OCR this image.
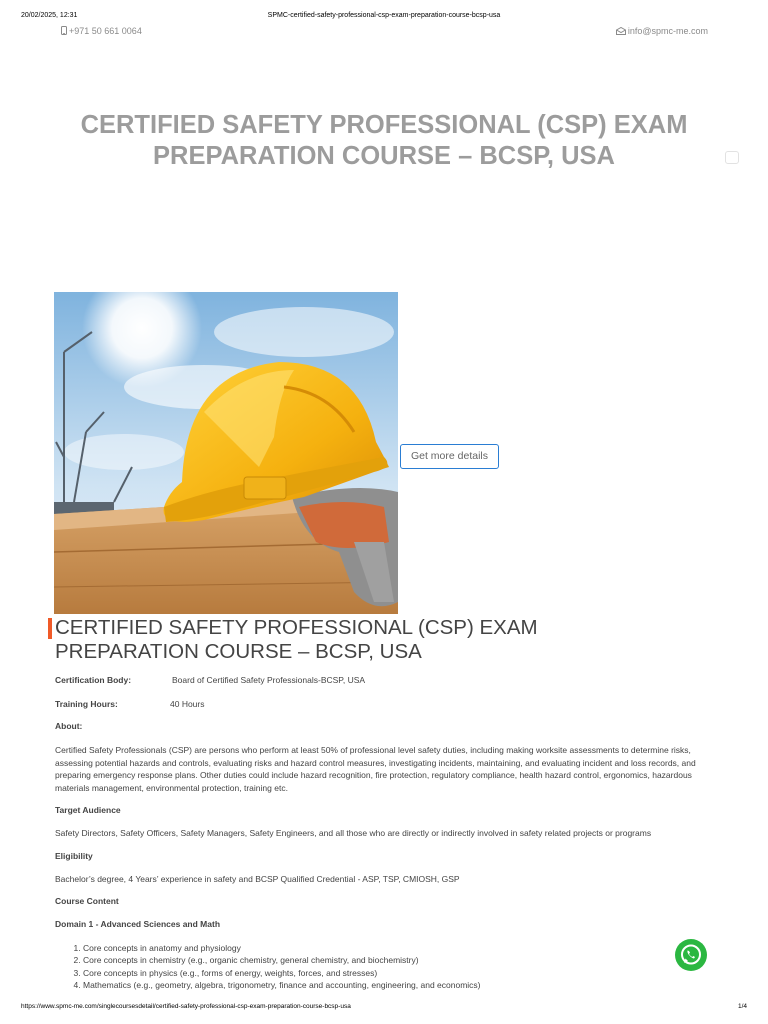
20/02/2025, 12:31	SPMC-certified-safety-professional-csp-exam-preparation-course-bcsp-usa
+971 50 661 0064	info@spmc-me.com
CERTIFIED SAFETY PROFESSIONAL (CSP) EXAM PREPARATION COURSE – BCSP, USA
Get more details
CERTIFIED SAFETY PROFESSIONAL (CSP) EXAM PREPARATION COURSE – BCSP, USA
Certification Body:	Board of Certified Safety Professionals-BCSP, USA
Training Hours:	40 Hours
About:
Certified Safety Professionals (CSP) are persons who perform at least 50% of professional level safety duties, including making worksite assessments to determine risks, assessing potential hazards and controls, evaluating risks and hazard control measures, investigating incidents, maintaining, and evaluating incident and loss records, and preparing emergency response plans. Other duties could include hazard recognition, fire protection, regulatory compliance, health hazard control, ergonomics, hazardous materials management, environmental protection, training etc.
Target Audience
Safety Directors, Safety Officers, Safety Managers, Safety Engineers, and all those who are directly or indirectly involved in safety related projects or programs
Eligibility
Bachelor’s degree, 4 Years’ experience in safety and BCSP Qualified Credential - ASP, TSP, CMIOSH, GSP
Course Content
Domain 1 - Advanced Sciences and Math
1. Core concepts in anatomy and physiology
2. Core concepts in chemistry (e.g., organic chemistry, general chemistry, and biochemistry)
3. Core concepts in physics (e.g., forms of energy, weights, forces, and stresses)
4. Mathematics (e.g., geometry, algebra, trigonometry, finance and accounting, engineering, and economics)
https://www.spmc-me.com/singlecoursesdetail/certified-safety-professional-csp-exam-preparation-course-bcsp-usa	1/4
